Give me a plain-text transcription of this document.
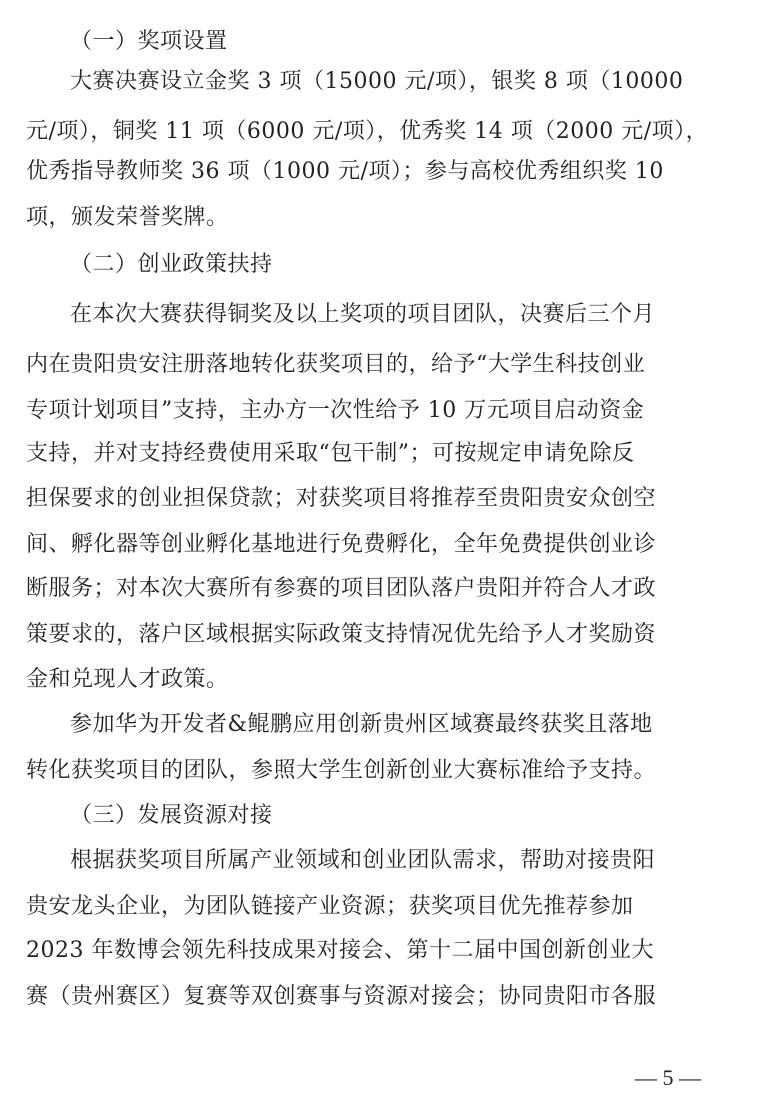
（一）奖项设置
大赛决赛设立金奖 3 项（15000 元/项），银奖 8 项（10000
元/项），铜奖 11 项（6000 元/项），优秀奖 14 项（2000 元/项），
优秀指导教师奖 36 项（1000 元/项）；参与高校优秀组织奖 10
项，颁发荣誉奖牌。
（二）创业政策扶持
在本次大赛获得铜奖及以上奖项的项目团队，决赛后三个月
内在贵阳贵安注册落地转化获奖项目的，给予“大学生科技创业
专项计划项目”支持，主办方一次性给予 10 万元项目启动资金
支持，并对支持经费使用采取“包干制”；可按规定申请免除反
担保要求的创业担保贷款；对获奖项目将推荐至贵阳贵安众创空
间、孵化器等创业孵化基地进行免费孵化，全年免费提供创业诊
断服务；对本次大赛所有参赛的项目团队落户贵阳并符合人才政
策要求的，落户区域根据实际政策支持情况优先给予人才奖励资
金和兑现人才政策。
参加华为开发者&鲲鹏应用创新贵州区域赛最终获奖且落地
转化获奖项目的团队，参照大学生创新创业大赛标准给予支持。
（三）发展资源对接
根据获奖项目所属产业领域和创业团队需求，帮助对接贵阳
贵安龙头企业，为团队链接产业资源；获奖项目优先推荐参加
2023 年数博会领先科技成果对接会、第十二届中国创新创业大
赛（贵州赛区）复赛等双创赛事与资源对接会；协同贵阳市各服
— 5 —
